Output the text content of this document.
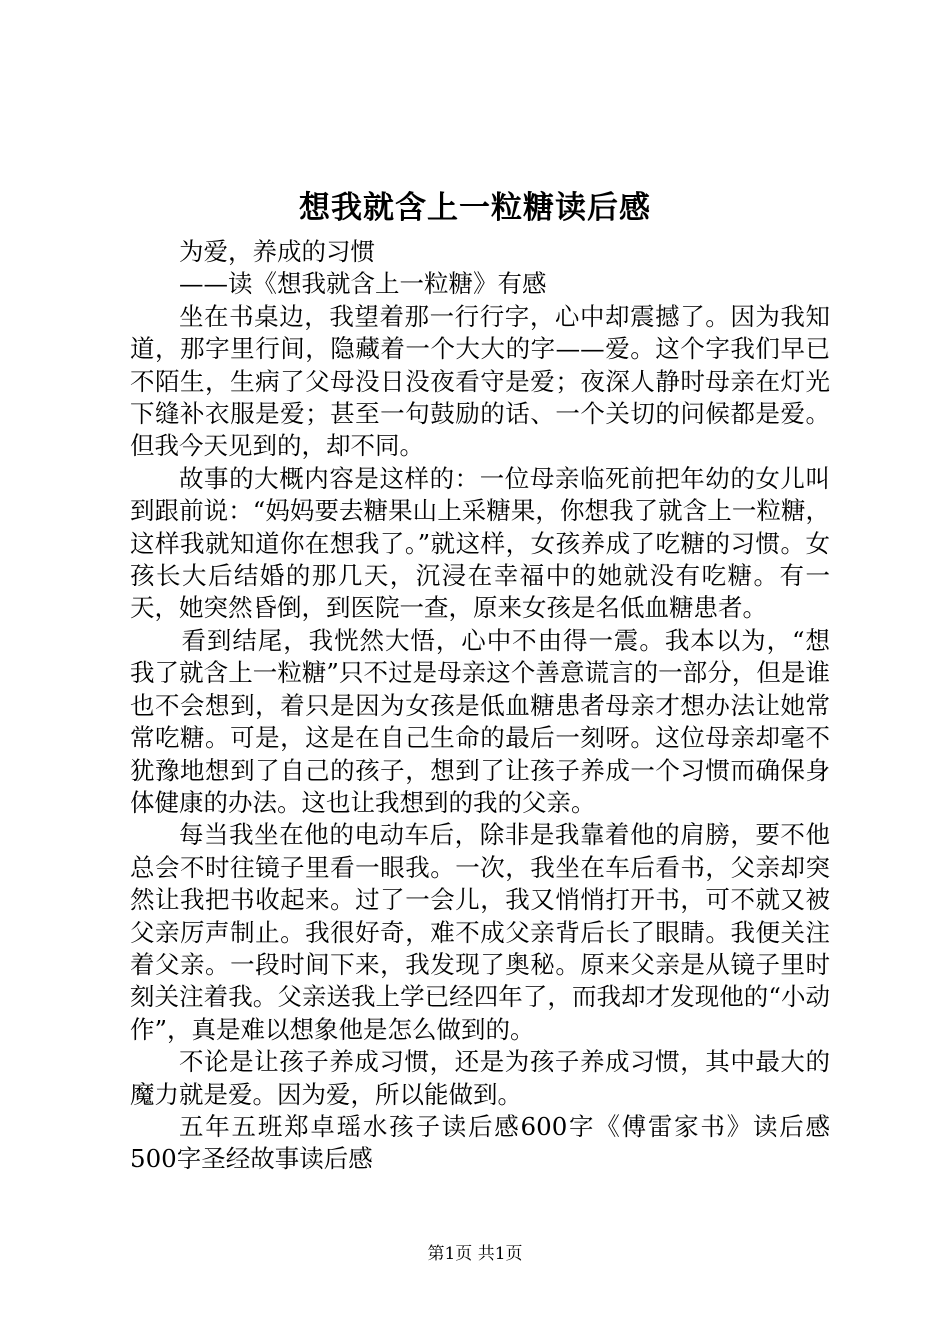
想我就含上一粒糖读后感

为爱，养成的习惯

——读《想我就含上一粒糖》有感

坐在书桌边，我望着那一行行字，心中却震撼了。因为我知道，那字里行间，隐藏着一个大大的字——爱。这个字我们早已不陌生，生病了父母没日没夜看守是爱；夜深人静时母亲在灯光下缝补衣服是爱；甚至一句鼓励的话、一个关切的问候都是爱。但我今天见到的，却不同。

故事的大概内容是这样的：一位母亲临死前把年幼的女儿叫到跟前说：“妈妈要去糖果山上采糖果，你想我了就含上一粒糖，这样我就知道你在想我了。”就这样，女孩养成了吃糖的习惯。女孩长大后结婚的那几天，沉浸在幸福中的她就没有吃糖。有一天，她突然昏倒，到医院一查，原来女孩是名低血糖患者。

看到结尾，我恍然大悟，心中不由得一震。我本以为，“想我了就含上一粒糖”只不过是母亲这个善意谎言的一部分，但是谁也不会想到，着只是因为女孩是低血糖患者母亲才想办法让她常常吃糖。可是，这是在自己生命的最后一刻呀。这位母亲却毫不犹豫地想到了自己的孩子，想到了让孩子养成一个习惯而确保身体健康的办法。这也让我想到的我的父亲。

每当我坐在他的电动车后，除非是我靠着他的肩膀，要不他总会不时往镜子里看一眼我。一次，我坐在车后看书，父亲却突然让我把书收起来。过了一会儿，我又悄悄打开书，可不就又被父亲厉声制止。我很好奇，难不成父亲背后长了眼睛。我便关注着父亲。一段时间下来，我发现了奥秘。原来父亲是从镜子里时刻关注着我。父亲送我上学已经四年了，而我却才发现他的“小动作”，真是难以想象他是怎么做到的。

不论是让孩子养成习惯，还是为孩子养成习惯，其中最大的魔力就是爱。因为爱，所以能做到。

五年五班郑卓瑶水孩子读后感600字《傅雷家书》读后感500字圣经故事读后感

第1页 共1页
